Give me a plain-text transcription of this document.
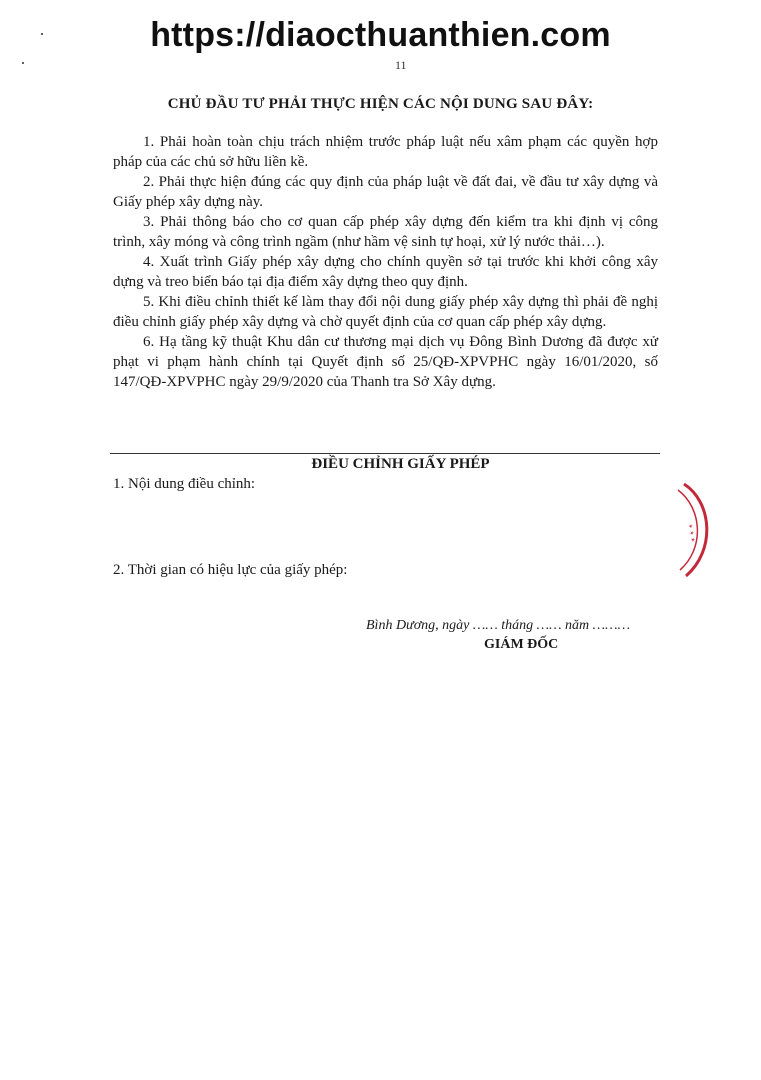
https://diaocthuanthien.com
11
CHỦ ĐẦU TƯ PHẢI THỰC HIỆN CÁC NỘI DUNG SAU ĐÂY:

1. Phải hoàn toàn chịu trách nhiệm trước pháp luật nếu xâm phạm các quyền hợp pháp của các chủ sở hữu liền kề.

2. Phải thực hiện đúng các quy định của pháp luật về đất đai, về đầu tư xây dựng và Giấy phép xây dựng này.

3. Phải thông báo cho cơ quan cấp phép xây dựng đến kiểm tra khi định vị công trình, xây móng và công trình ngầm (như hầm vệ sinh tự hoại, xử lý nước thải…).

4. Xuất trình Giấy phép xây dựng cho chính quyền sở tại trước khi khởi công xây dựng và treo biển báo tại địa điểm xây dựng theo quy định.

5. Khi điều chỉnh thiết kế làm thay đổi nội dung giấy phép xây dựng thì phải đề nghị điều chỉnh giấy phép xây dựng và chờ quyết định của cơ quan cấp phép xây dựng.

6. Hạ tầng kỹ thuật Khu dân cư thương mại dịch vụ Đông Bình Dương đã được xử phạt vi phạm hành chính tại Quyết định số 25/QĐ-XPVPHC ngày 16/01/2020, số 147/QĐ-XPVPHC ngày 29/9/2020 của Thanh tra Sở Xây dựng.

ĐIỀU CHỈNH GIẤY PHÉP
1. Nội dung điều chỉnh:
2. Thời gian có hiệu lực của giấy phép:
✶ ✶ ✶
Bình Dương, ngày …… tháng …… năm ………
GIÁM ĐỐC
